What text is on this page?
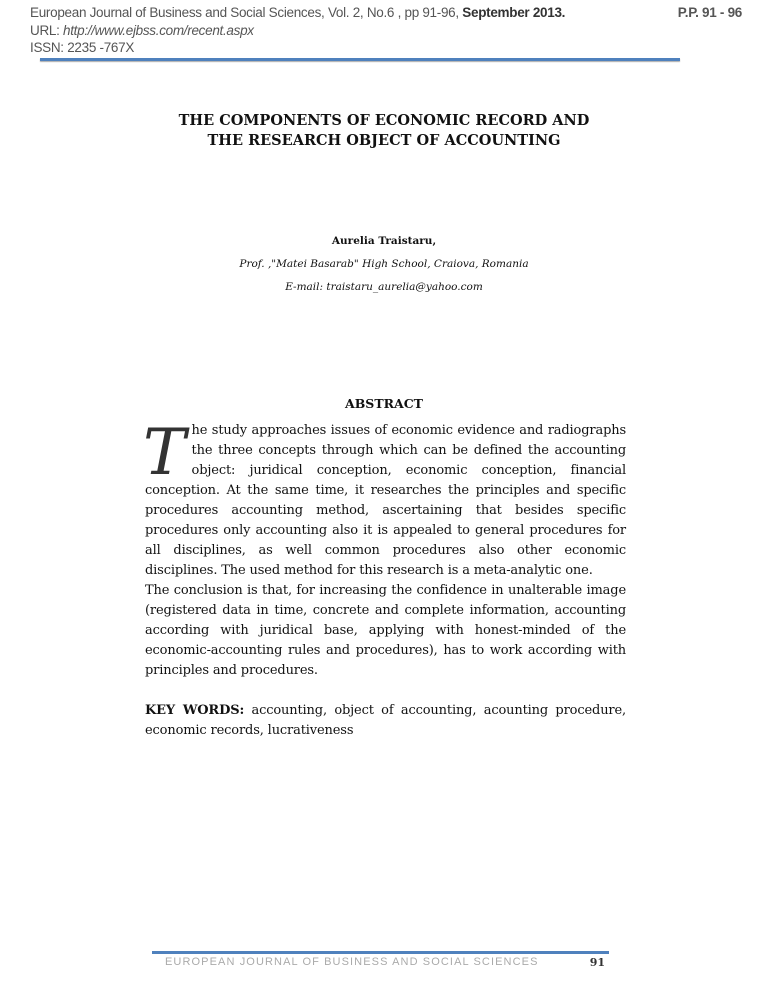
European Journal of Business and Social Sciences, Vol. 2, No.6 , pp 91-96, September 2013.	P.P. 91 - 96
URL: http://www.ejbss.com/recent.aspx
ISSN: 2235 -767X
THE COMPONENTS OF ECONOMIC RECORD AND
THE RESEARCH OBJECT OF ACCOUNTING
Aurelia Traistaru,
Prof. ,"Matei Basarab" High School, Craiova, Romania
E-mail: traistaru_aurelia@yahoo.com
ABSTRACT
T he study approaches issues of economic evidence and radiographs the three concepts through which can be defined the accounting object: juridical conception, economic conception, financial conception. At the same time, it researches the principles and specific procedures accounting method, ascertaining that besides specific procedures only accounting also it is appealed to general procedures for all disciplines, as well common procedures also other economic disciplines. The used method for this research is a meta-analytic one.
The conclusion is that, for increasing the confidence in unalterable image (registered data in time, concrete and complete information, accounting according with juridical base, applying with honest-minded of the economic-accounting rules and procedures), has to work according with principles and procedures.
KEY WORDS: accounting, object of accounting, acounting procedure, economic records, lucrativeness
EUROPEAN JOURNAL OF BUSINESS AND SOCIAL SCIENCES	91
